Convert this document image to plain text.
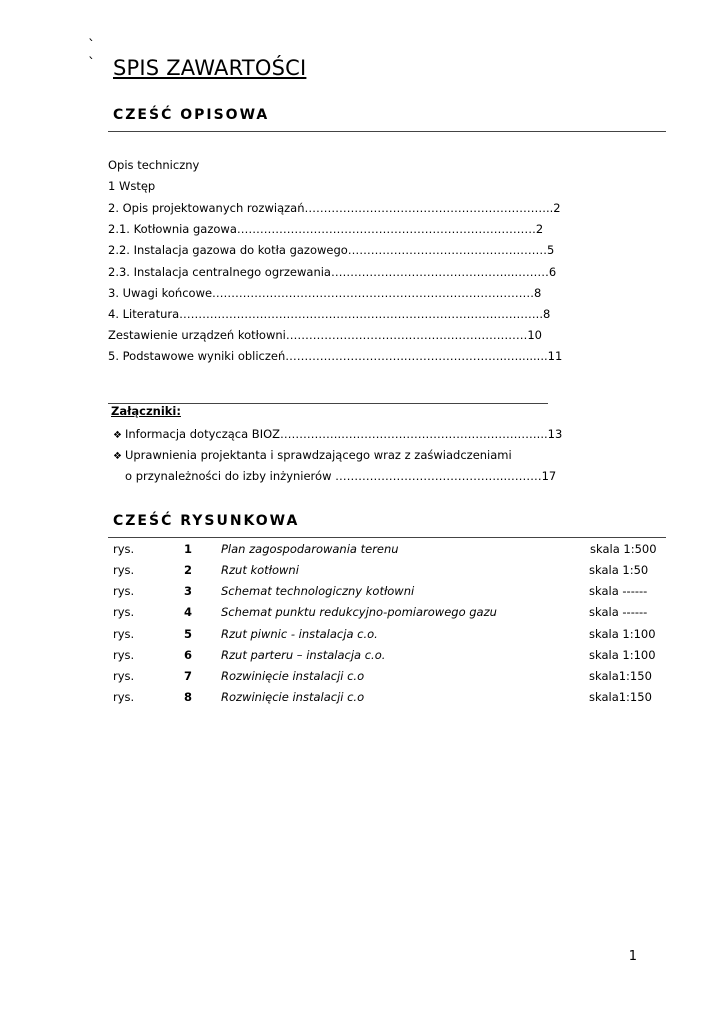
`
` SPIS ZAWARTOŚCI
CZEŚĆ OPISOWA
Opis techniczny
1 Wstęp
2. Opis projektowanych rozwiązań………………………………………………………..2
2.1. Kotłownia gazowa……………………………………………………………………2
2.2. Instalacja gazowa do kotła gazowego……………………………………….……5
2.3. Instalacja centralnego ogrzewania………………………………………...………6
3. Uwagi końcowe…………………………………………………………………………8
4. Literatura…………………………………………………………………………………..8
Zestawienie urządzeń kotłowni………………………………………………………10
5. Podstawowe wyniki obliczeń…………………………..……………………..…........11
Załączniki:
❖ Informacja dotycząca BIOZ…………….……………………………………………...13
❖ Uprawnienia projektanta i sprawdzającego wraz z zaświadczeniami
o przynależności do izby inżynierów ……………………………………...………17
CZEŚĆ RYSUNKOWA
rys.	1	Plan zagospodarowania terenu	skala 1:500
rys.	2	Rzut kotłowni	skala 1:50
rys.	3	Schemat technologiczny kotłowni	skala ------
rys.	4	Schemat punktu redukcyjno-pomiarowego gazu	skala ------
rys.	5	Rzut piwnic - instalacja c.o.	skala 1:100
rys.	6	Rzut parteru – instalacja c.o.	skala 1:100
rys.	7	Rozwinięcie instalacji c.o	skala1:150
rys.	8	Rozwinięcie instalacji c.o	skala1:150
1
